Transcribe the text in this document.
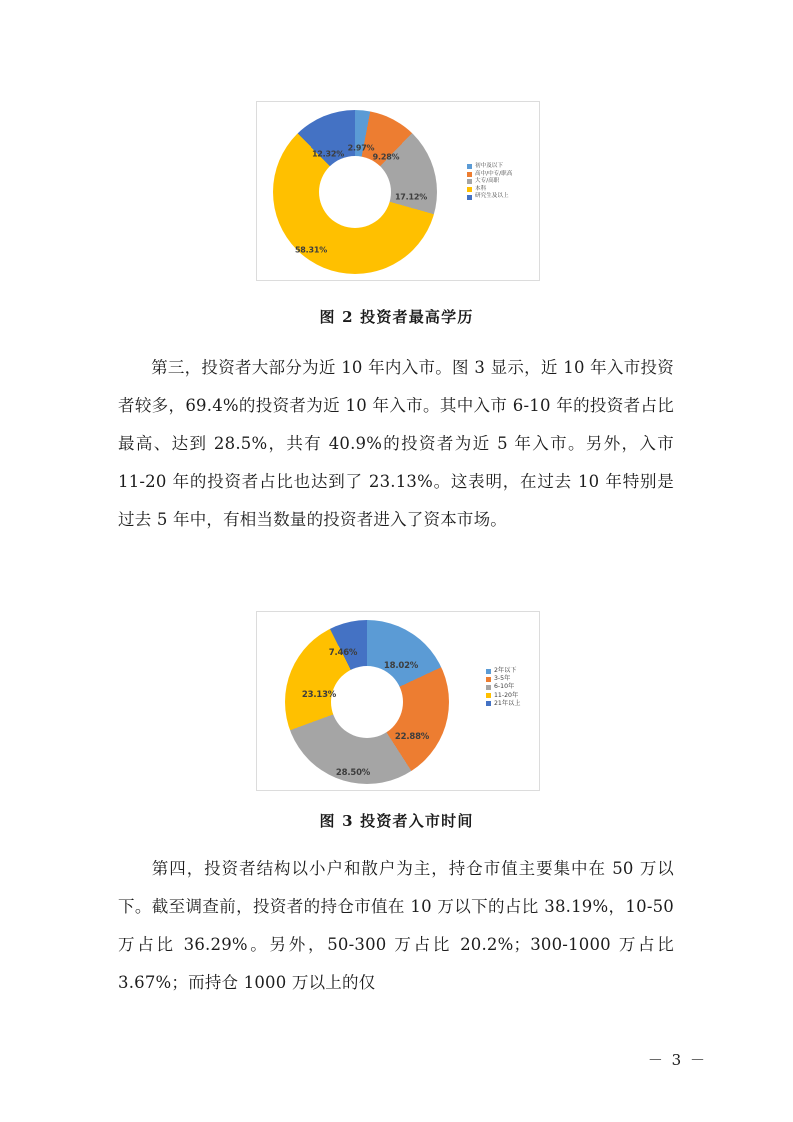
2.97%
9.28%
17.12%
58.31%
12.32%
初中及以下
高中/中专/职高
大专/高职
本科
研究生及以上
图 2 投资者最高学历
第三，投资者大部分为近 10 年内入市。图 3 显示，近 10 年入市投资者较多，69.4%的投资者为近 10 年入市。其中入市 6-10 年的投资者占比最高、达到 28.5%，共有 40.9%的投资者为近 5 年入市。另外，入市 11-20 年的投资者占比也达到了 23.13%。这表明，在过去 10 年特别是过去 5 年中，有相当数量的投资者进入了资本市场。
18.02%
22.88%
28.50%
23.13%
7.46%
2年以下
3-5年
6-10年
11-20年
21年以上
图 3 投资者入市时间
第四，投资者结构以小户和散户为主，持仓市值主要集中在 50 万以下。截至调查前，投资者的持仓市值在 10 万以下的占比 38.19%，10-50 万占比 36.29%。另外，50-300 万占比 20.2%；300-1000 万占比 3.67%；而持仓 1000 万以上的仅
－ 3 －
